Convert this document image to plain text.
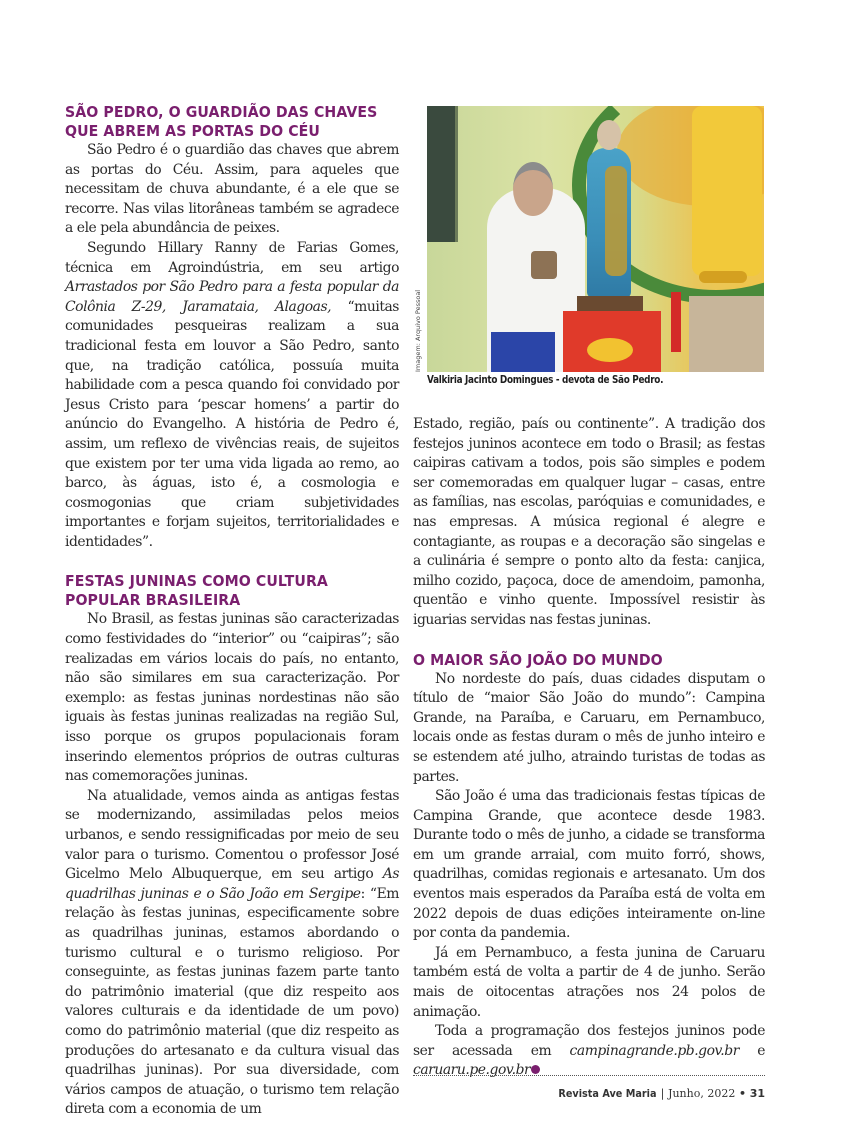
SÃO PEDRO, O GUARDIÃO DAS CHAVES QUE ABREM AS PORTAS DO CÉU

São Pedro é o guardião das chaves que abrem as portas do Céu. Assim, para aqueles que necessitam de chuva abundante, é a ele que se recorre. Nas vilas litorâneas também se agradece a ele pela abundância de peixes.

Segundo Hillary Ranny de Farias Gomes, técnica em Agroindústria, em seu artigo Arrastados por São Pedro para a festa popular da Colônia Z-29, Jaramataia, Alagoas, “muitas comunidades pesqueiras realizam a sua tradicional festa em louvor a São Pedro, santo que, na tradição católica, possuía muita habilidade com a pesca quando foi convidado por Jesus Cristo para ‘pescar homens’ a partir do anúncio do Evangelho. A história de Pedro é, assim, um reflexo de vivências reais, de sujeitos que existem por ter uma vida ligada ao remo, ao barco, às águas, isto é, a cosmologia e cosmogonias que criam subjetividades importantes e forjam sujeitos, territorialidades e identidades”.

FESTAS JUNINAS COMO CULTURA POPULAR BRASILEIRA

No Brasil, as festas juninas são caracterizadas como festividades do “interior” ou “caipiras”; são realizadas em vários locais do país, no entanto, não são similares em sua caracterização. Por exemplo: as festas juninas nordestinas não são iguais às festas juninas realizadas na região Sul, isso porque os grupos populacionais foram inserindo elementos próprios de outras culturas nas comemorações juninas.

Na atualidade, vemos ainda as antigas festas se modernizando, assimiladas pelos meios urbanos, e sendo ressignificadas por meio de seu valor para o turismo. Comentou o professor José Gicelmo Melo Albuquerque, em seu artigo As quadrilhas juninas e o São João em Sergipe: “Em relação às festas juninas, especificamente sobre as quadrilhas juninas, estamos abordando o turismo cultural e o turismo religioso. Por conseguinte, as festas juninas fazem parte tanto do patrimônio imaterial (que diz respeito aos valores culturais e da identidade de um povo) como do patrimônio material (que diz respeito as produções do artesanato e da cultura visual das quadrilhas juninas). Por sua diversidade, com vários campos de atuação, o turismo tem relação direta com a economia de um

Imagem: Arquivo Pessoal
Valkiria Jacinto Domingues - devota de São Pedro.

Estado, região, país ou continente”. A tradição dos festejos juninos acontece em todo o Brasil; as festas caipiras cativam a todos, pois são simples e podem ser comemoradas em qualquer lugar – casas, entre as famílias, nas escolas, paróquias e comunidades, e nas empresas. A música regional é alegre e contagiante, as roupas e a decoração são singelas e a culinária é sempre o ponto alto da festa: canjica, milho cozido, paçoca, doce de amendoim, pamonha, quentão e vinho quente. Impossível resistir às iguarias servidas nas festas juninas.

O MAIOR SÃO JOÃO DO MUNDO

No nordeste do país, duas cidades disputam o título de “maior São João do mundo”: Campina Grande, na Paraíba, e Caruaru, em Pernambuco, locais onde as festas duram o mês de junho inteiro e se estendem até julho, atraindo turistas de todas as partes.

São João é uma das tradicionais festas típicas de Campina Grande, que acontece desde 1983. Durante todo o mês de junho, a cidade se transforma em um grande arraial, com muito forró, shows, quadrilhas, comidas regionais e artesanato. Um dos eventos mais esperados da Paraíba está de volta em 2022 depois de duas edições inteiramente on-line por conta da pandemia.

Já em Pernambuco, a festa junina de Caruaru também está de volta a partir de 4 de junho. Serão mais de oitocentas atrações nos 24 polos de animação.

Toda a programação dos festejos juninos pode ser acessada em campinagrande.pb.gov.br e caruaru.pe.gov.br

Revista Ave Maria | Junho, 2022 • 31
